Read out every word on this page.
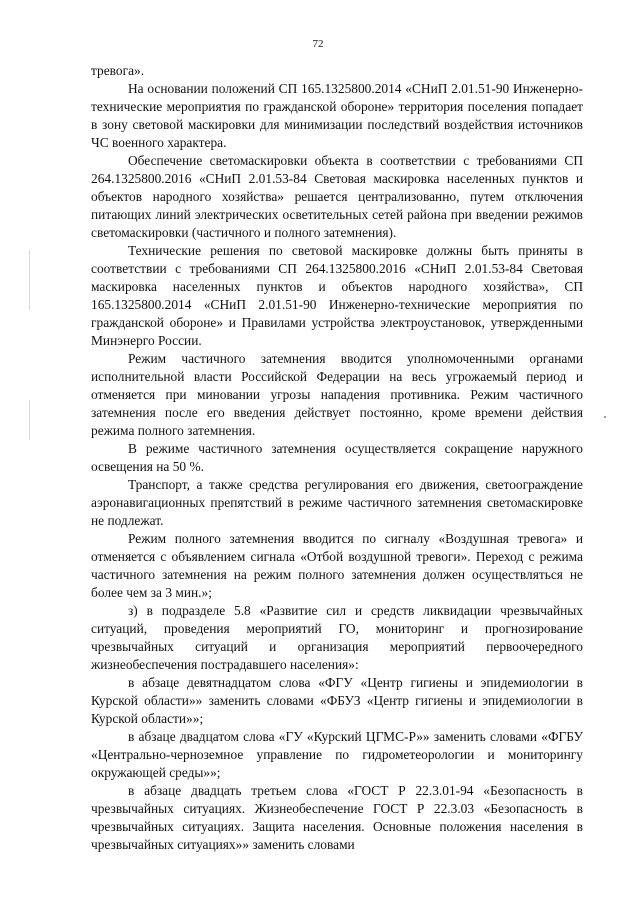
72

тревога».

На основании положений СП 165.1325800.2014 «СНиП 2.01.51-90 Инженерно-технические мероприятия по гражданской обороне» территория поселения попадает в зону световой маскировки для минимизации последствий воздействия источников ЧС военного характера.

Обеспечение светомаскировки объекта в соответствии с требованиями СП 264.1325800.2016 «СНиП 2.01.53-84 Световая маскировка населенных пунктов и объектов народного хозяйства» решается централизованно, путем отключения питающих линий электрических осветительных сетей района при введении режимов светомаскировки (частичного и полного затемнения).

Технические решения по световой маскировке должны быть приняты в соответствии с требованиями СП 264.1325800.2016 «СНиП 2.01.53-84 Световая маскировка населенных пунктов и объектов народного хозяйства», СП 165.1325800.2014 «СНиП 2.01.51-90 Инженерно-технические мероприятия по гражданской обороне» и Правилами устройства электроустановок, утвержденными Минэнерго России.

Режим частичного затемнения вводится уполномоченными органами исполнительной власти Российской Федерации на весь угрожаемый период и отменяется при миновании угрозы нападения противника. Режим частичного затемнения после его введения действует постоянно, кроме времени действия режима полного затемнения.

В режиме частичного затемнения осуществляется сокращение наружного освещения на 50 %.

Транспорт, а также средства регулирования его движения, светоограждение аэронавигационных препятствий в режиме частичного затемнения светомаскировке не подлежат.

Режим полного затемнения вводится по сигналу «Воздушная тревога» и отменяется с объявлением сигнала «Отбой воздушной тревоги». Переход с режима частичного затемнения на режим полного затемнения должен осуществляться не более чем за 3 мин.»;

з) в подразделе 5.8 «Развитие сил и средств ликвидации чрезвычайных ситуаций, проведения мероприятий ГО, мониторинг и прогнозирование чрезвычайных ситуаций и организация мероприятий первоочередного жизнеобеспечения пострадавшего населения»:

в абзаце девятнадцатом слова «ФГУ «Центр гигиены и эпидемиологии в Курской области»» заменить словами «ФБУЗ «Центр гигиены и эпидемиологии в Курской области»»;

в абзаце двадцатом слова «ГУ «Курский ЦГМС-Р»» заменить словами «ФГБУ «Центрально-черноземное управление по гидрометеорологии и мониторингу окружающей среды»»;

в абзаце двадцать третьем слова «ГОСТ Р 22.3.01-94 «Безопасность в чрезвычайных ситуациях. Жизнеобеспечение ГОСТ Р 22.3.03 «Безопасность в чрезвычайных ситуациях. Защита населения. Основные положения населения в чрезвычайных ситуациях»» заменить словами
